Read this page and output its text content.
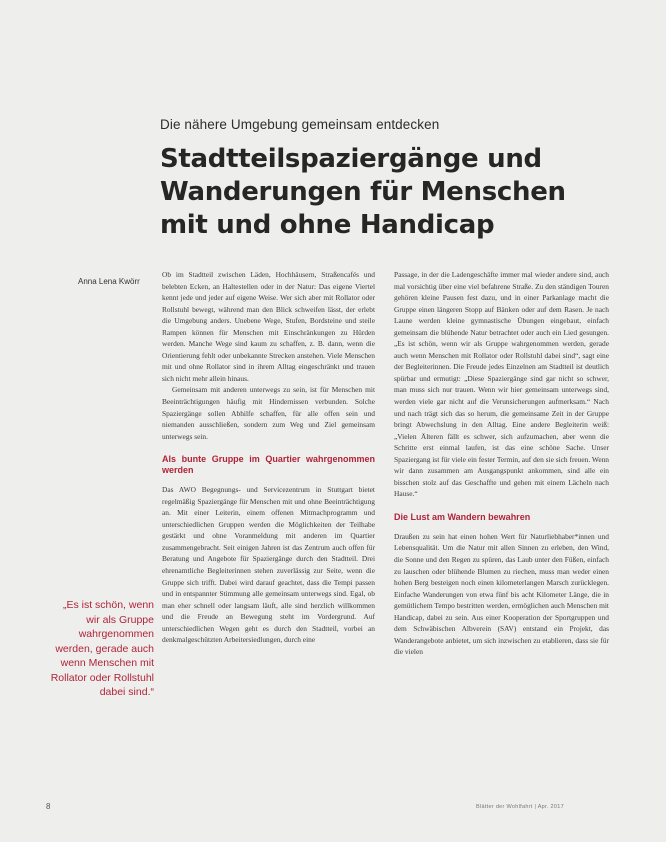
Die nähere Umgebung gemeinsam entdecken
Stadtteilspaziergänge und
Wanderungen für Menschen
mit und ohne Handicap
Anna Lena Kwörr

Ob im Stadtteil zwischen Läden, Hochhäusern, Straßencafés und belebten Ecken, an Haltestellen oder in der Natur: Das eigene Viertel kennt jede und jeder auf eigene Weise. Wer sich aber mit Rollator oder Rollstuhl bewegt, während man den Blick schweifen lässt, der erlebt die Umgebung anders. Unebene Wege, Stufen, Bordsteine und steile Rampen können für Menschen mit Einschränkungen zu Hürden werden. Manche Wege sind kaum zu schaffen, z. B. dann, wenn die Orientierung fehlt oder unbekannte Strecken anstehen. Viele Menschen mit und ohne Rollator sind in ihrem Alltag eingeschränkt und trauen sich nicht mehr allein hinaus.

Gemeinsam mit anderen unterwegs zu sein, ist für Menschen mit Beeinträchtigungen häufig mit Hindernissen verbunden. Solche Spaziergänge sollen Abhilfe schaffen, für alle offen sein und niemanden ausschließen, sondern zum Weg und Ziel gemeinsam unterwegs sein.

Als bunte Gruppe im Quartier wahrgenommen werden

Das AWO Begegnungs- und Servicezentrum in Stuttgart bietet regelmäßig Spaziergänge für Menschen mit und ohne Beeinträchtigung an. Mit einer Leiterin, einem offenen Mitmachprogramm und unterschiedlichen Gruppen werden die Möglichkeiten der Teilhabe gestärkt und ohne Voranmeldung mit anderen im Quartier zusammengebracht. Seit einigen Jahren ist das Zentrum auch offen für Beratung und Angebote für Spaziergänge durch den Stadtteil. Drei ehrenamtliche Begleiterinnen stehen zuverlässig zur Seite, wenn die Gruppe sich trifft. Dabei wird darauf geachtet, dass die Tempi passen und in entspannter Stimmung alle gemeinsam unterwegs sind. Egal, ob man eher schnell oder langsam läuft, alle sind herzlich willkommen und die Freude an Bewegung steht im Vordergrund. Auf unterschiedlichen Wegen geht es durch den Stadtteil, vorbei an denkmalgeschützten Arbeitersiedlungen, durch eine

Passage, in der die Ladengeschäfte immer mal wieder andere sind, auch mal vorsichtig über eine viel befahrene Straße. Zu den ständigen Touren gehören kleine Pausen fest dazu, und in einer Parkanlage macht die Gruppe einen längeren Stopp auf Bänken oder auf dem Rasen. Je nach Laune werden kleine gymnastische Übungen eingebaut, einfach gemeinsam die blühende Natur betrachtet oder auch ein Lied gesungen. „Es ist schön, wenn wir als Gruppe wahrgenommen werden, gerade auch wenn Menschen mit Rollator oder Rollstuhl dabei sind“, sagt eine der Begleiterinnen. Die Freude jedes Einzelnen am Stadtteil ist deutlich spürbar und ermutigt: „Diese Spaziergänge sind gar nicht so schwer, man muss sich nur trauen. Wenn wir hier gemeinsam unterwegs sind, werden viele gar nicht auf die Verunsicherungen aufmerksam.“ Nach und nach trägt sich das so herum, die gemeinsame Zeit in der Gruppe bringt Abwechslung in den Alltag. Eine andere Begleiterin weiß: „Vielen Älteren fällt es schwer, sich aufzumachen, aber wenn die Schritte erst einmal laufen, ist das eine schöne Sache. Unser Spaziergang ist für viele ein fester Termin, auf den sie sich freuen. Wenn wir dann zusammen am Ausgangspunkt ankommen, sind alle ein bisschen stolz auf das Geschaffte und gehen mit einem Lächeln nach Hause.“

Die Lust am Wandern bewahren

Draußen zu sein hat einen hohen Wert für Naturliebhaber*innen und Lebensqualität. Um die Natur mit allen Sinnen zu erleben, den Wind, die Sonne und den Regen zu spüren, das Laub unter den Füßen, einfach zu lauschen oder blühende Blumen zu riechen, muss man weder einen hohen Berg besteigen noch einen kilometerlangen Marsch zurücklegen. Einfache Wanderungen von etwa fünf bis acht Kilometer Länge, die in gemütlichem Tempo bestritten werden, ermöglichen auch Menschen mit Handicap, dabei zu sein. Aus einer Kooperation der Sportgruppen und dem Schwäbischen Albverein (SAV) entstand ein Projekt, das Wanderangebote anbietet, um sich inzwischen zu etablieren, dass sie für die vielen

„Es ist schön, wenn wir als Gruppe wahrgenommen werden, gerade auch wenn Menschen mit Rollator oder Rollstuhl dabei sind.“
8	Blätter der Wohlfahrt | Apr. 2017
